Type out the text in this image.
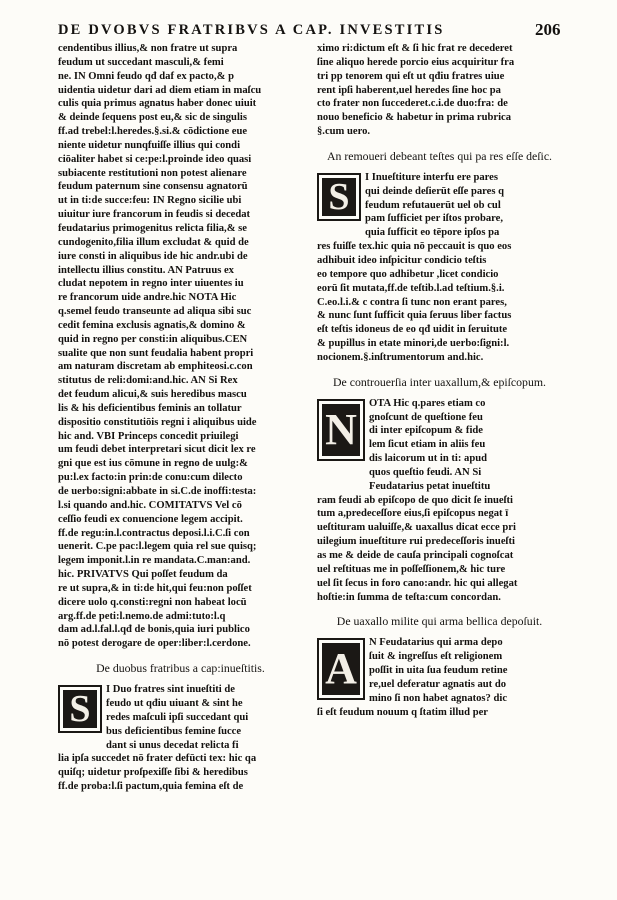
DE DVOBVS FRATRIBVS A CAP. INVESTITIS	206
cendentibus illius,& non fratre ut supra
feudum ut succedant masculi,& femi
ne. IN Omni feudo qđ daf ex pacto,& p
uidentia uidetur dari ad diem etiam in maſcu
culis quia primus agnatus haber donec uiuit
& deinde ſequens post eu,& sic de singulis
ff.ad trebel:l.heredes.§.si.& cōdictione eue
niente uidetur nunqfuiſſe illius qui condi
ciōaliter habet si ce:pe:l.proinde ideo quasi
subiacente restitutioni non potest alienare
feudum paternum sine consensu agnatorū
ut in ti:de succe:feu: IN Regno sicilie ubi
uiuitur iure francorum in feudis si decedat
feudatarius primogenitus relicta filia,& se
cundogenito,filia illum excludat & quid de
iure consti in aliquibus ide hic andr.ubi de
intellectu illius constitu. AN Patruus ex
cludat nepotem in regno inter uiuentes iu
re francorum uide andre.hic NOTA Hic
q.semel feudo transeunte ad aliqua sibi suc
cedit femina exclusis agnatis,& domino &
quid in regno per consti:in aliquibus.CEN
sualite que non sunt feudalia habent propri
am naturam discretam ab emphiteosi.c.con
stitutus de reli:domi:and.hic. AN Si Rex
det feudum alicui,& suis heredibus mascu
lis & his deficientibus feminis an tollatur
dispositio constitutiōis regni i aliquibus uide
hic and. VBI Princeps concedit priuilegi
um feudi debet interpretari sicut dicit lex re
gni que est ius cōmune in regno de uulg:&
pu:l.ex facto:in prin:de conu:cum dilecto
de uerbo:signi:abbate in si.C.de inoffi:testa:
l.si quando and.hic. COMITATVS Vel cō
ceſſio feudi ex conuencione legem accipit.
ff.de regu:in.l.contractus deposi.l.i.C.ſi con
uenerit. C.pe pac:l.legem quia rel sue quisq;
legem imponit.l.in re mandata.C.man:and.
hic. PRIVATVS Qui poſſet feudum da
re ut supra,& in ti:de hit,qui feu:non poſſet
dicere uolo q.consti:regni non habeat locū
arg.ff.de peti:l.nemo.de admi:tuto:l.q
dam ad.l.fal.l.qđ de bonis,quia iuri publico
nō potest derogare de oper:liber:l.cerdone.
De duobus fratribus a cap:inueſtitis.
S	I Duo fratres sint inueſtiti de
feudo ut qđiu uiuant & sint he
redes maſculi ipſi succedant qui
bus deficientibus femine ſucce
dant si unus decedat relicta fi
lia ipſa succedet nō frater defūcti tex: hic qa
quiſq; uidetur proſpexiſſe ſibi & heredibus
ff.de proba:l.ſi pactum,quia femina eſt de
ximo ri:dictum eſt & ſi hic frat re decederet
ſine aliquo herede porcio eius acquiritur fra
tri pp tenorem qui eſt ut qđiu fratres uiue
rent ipſi haberent,uel heredes ſine hoc pa
cto frater non ſuccederet.c.i.de duo:fra: de
nouo beneficio & habetur in prima rubrica
§.cum uero.
An remoueri debeant teſtes qui pa res eſſe deſic.
S	I Inueſtiture interfu ere pares
qui deinde deſierūt eſſe pares q
feudum refutauerūt uel ob cul
pam ſufficiet per iſtos probare,
quia ſufficit eo tēpore ipſos pa
res fuiſſe tex.hic quia nō peccauit is quo eos
adhibuit ideo inſpicitur condicio teſtis
eo tempore quo adhibetur ,licet condicio
eorū ſit mutata,ff.de teſtib.l.ad teſtium.§.i.
C.eo.l.i.& c contra ſi tunc non erant pares,
& nunc ſunt ſufficit quia ſeruus liber factus
eſt teſtis idoneus de eo qđ uidit in ſeruitute
& pupillus in etate minori,de uerbo:ſigni:l.
nocionem.§.inſtrumentorum and.hic.
De controuerſia inter uaxallum,& epiſcopum.
N
OTA Hic q.pares etiam co
gnoſcunt de queſtione feu
di inter epiſcopum & fide
lem ſicut etiam in aliis feu
dis laicorum ut in ti: apud
quos queſtio feudi. AN Si
Feudatarius petat inueſtitu
ram feudi ab epiſcopo de quo dicit ſe inueſti
tum a,predeceſſore eius,ſi epiſcopus negat ī
ueſtituram ualuiſſe,& uaxallus dicat ecce pri
uilegium inueſtiture rui predeceſſoris inueſti
as me & deide de cauſa principali cognoſcat
uel reſtituas me in poſſeſſionem,& hic ture
uel ſit ſecus in foro cano:andr. hic qui allegat
hoſtie:in ſumma de teſta:cum concordan.
De uaxallo milite qui arma bellica depoſuit.
A
N Feudatarius qui arma depo
ſuit & ingreſſus eſt religionem
poſſit in uita ſua feudum retine
re,uel deferatur agnatis aut do
mino ſi non habet agnatos? dic
ſi eſt feudum nouum q ſtatim illud per
